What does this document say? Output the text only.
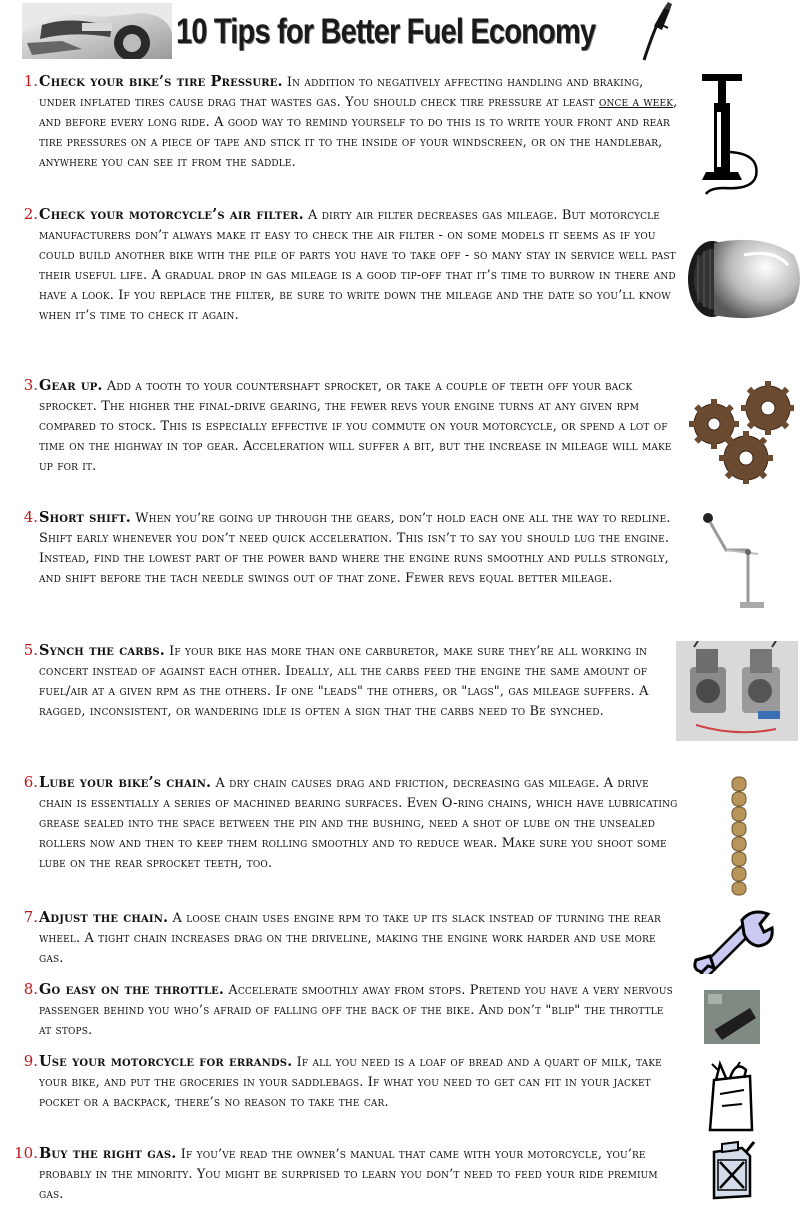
10 Tips for Better Fuel Economy
1. Check your bike’s tire Pressure. In addition to negatively affecting handling and braking, under inflated tires cause drag that wastes gas. You should check tire pressure at least once a week, and before every long ride. A good way to remind yourself to do this is to write your front and rear tire pressures on a piece of tape and stick it to the inside of your windscreen, or on the handlebar, anywhere you can see it from the saddle.
2. Check your motorcycle’s air filter. A dirty air filter decreases gas mileage. But motorcycle manufacturers don’t always make it easy to check the air filter - on some models it seems as if you could build another bike with the pile of parts you have to take off - so many stay in service well past their useful life. A gradual drop in gas mileage is a good tip-off that it’s time to burrow in there and have a look. If you replace the filter, be sure to write down the mileage and the date so you’ll know when it’s time to check it again.
3. Gear up. Add a tooth to your countershaft sprocket, or take a couple of teeth off your back sprocket. The higher the final-drive gearing, the fewer revs your engine turns at any given rpm compared to stock. This is especially effective if you commute on your motorcycle, or spend a lot of time on the highway in top gear. Acceleration will suffer a bit, but the increase in mileage will make up for it.
4. Short shift. When you’re going up through the gears, don’t hold each one all the way to redline. Shift early whenever you don’t need quick acceleration. This isn’t to say you should lug the engine. Instead, find the lowest part of the power band where the engine runs smoothly and pulls strongly, and shift before the tach needle swings out of that zone. Fewer revs equal better mileage.
5. Synch the carbs. If your bike has more than one carburetor, make sure they’re all working in concert instead of against each other. Ideally, all the carbs feed the engine the same amount of fuel/air at a given rpm as the others. If one "leads" the others, or "lags", gas mileage suffers. A ragged, inconsistent, or wandering idle is often a sign that the carbs need to Be synched.
6. Lube your bike’s chain. A dry chain causes drag and friction, decreasing gas mileage. A drive chain is essentially a series of machined bearing surfaces. Even O-ring chains, which have lubricating grease sealed into the space between the pin and the bushing, need a shot of lube on the unsealed rollers now and then to keep them rolling smoothly and to reduce wear. Make sure you shoot some lube on the rear sprocket teeth, too.
7. Adjust the chain. A loose chain uses engine rpm to take up its slack instead of turning the rear wheel. A tight chain increases drag on the driveline, making the engine work harder and use more gas.
8. Go easy on the throttle. Accelerate smoothly away from stops. Pretend you have a very nervous passenger behind you who’s afraid of falling off the back of the bike. And don’t "blip" the throttle at stops.
9. Use your motorcycle for errands. If all you need is a loaf of bread and a quart of milk, take your bike, and put the groceries in your saddlebags. If what you need to get can fit in your jacket pocket or a backpack, there’s no reason to take the car.
10. Buy the right gas. If you’ve read the owner’s manual that came with your motorcycle, you’re probably in the minority. You might be surprised to learn you don’t need to feed your ride premium gas.
